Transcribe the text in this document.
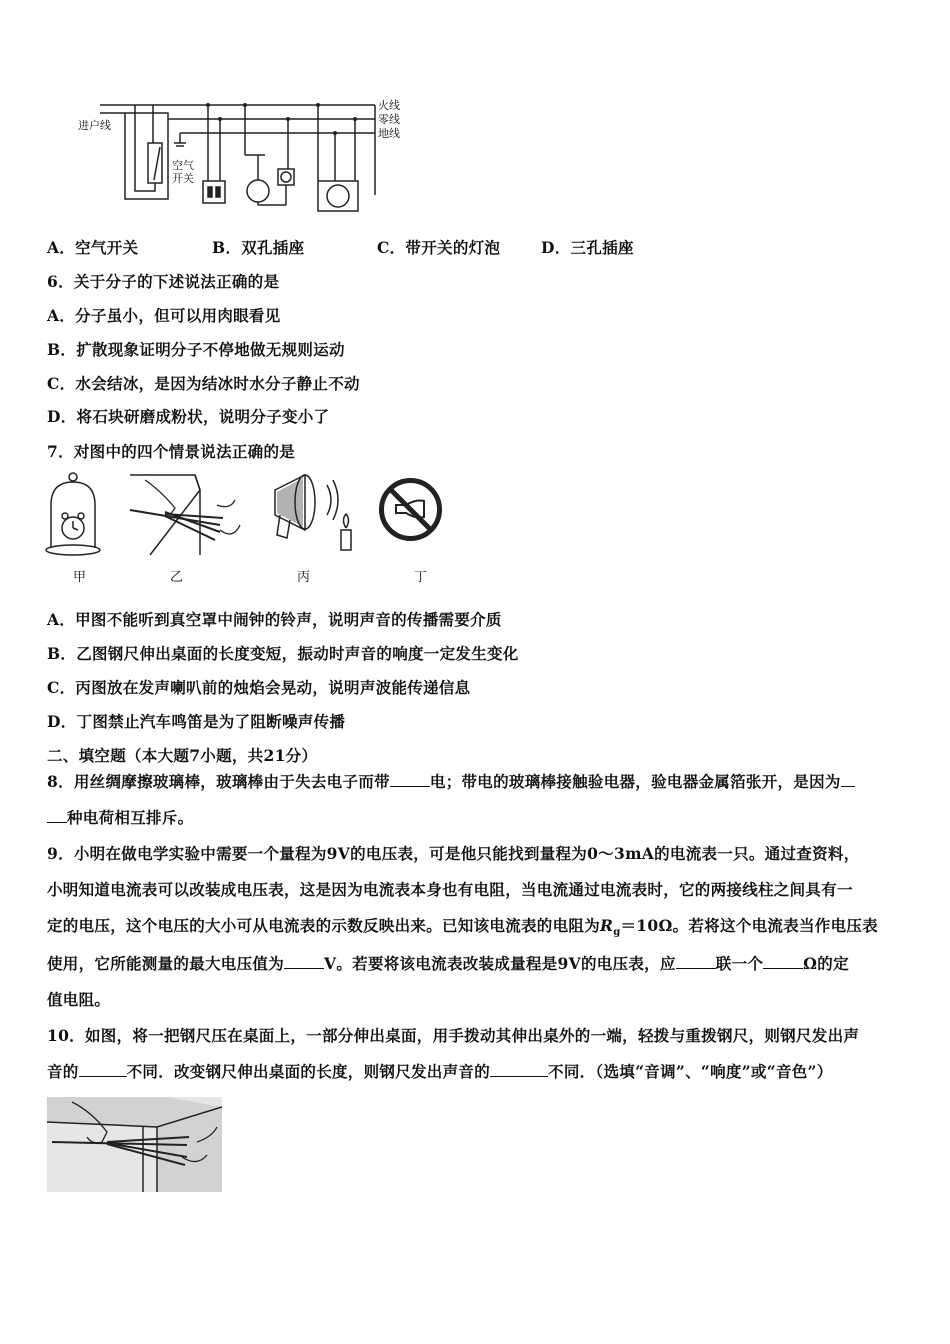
火线
零线
地线
进户线
空气
开关
A．空气开关	B．双孔插座	C．带开关的灯泡	D．三孔插座
6．关于分子的下述说法正确的是
A．分子虽小，但可以用肉眼看见
B．扩散现象证明分子不停地做无规则运动
C．水会结冰，是因为结冰时水分子静止不动
D．将石块研磨成粉状，说明分子变小了
7．对图中的四个情景说法正确的是
甲	乙	丙	丁
A．甲图不能听到真空罩中闹钟的铃声，说明声音的传播需要介质
B．乙图钢尺伸出桌面的长度变短，振动时声音的响度一定发生变化
C．丙图放在发声喇叭前的烛焰会晃动，说明声波能传递信息
D．丁图禁止汽车鸣笛是为了阻断噪声传播
二、填空题（本大题7小题，共21分）
8．用丝绸摩擦玻璃棒，玻璃棒由于失去电子而带	电；带电的玻璃棒接触验电器，验电器金属箔张开，是因为
种电荷相互排斥。
9．小明在做电学实验中需要一个量程为9V的电压表，可是他只能找到量程为0～3mA的电流表一只。通过查资料，
小明知道电流表可以改装成电压表，这是因为电流表本身也有电阻，当电流通过电流表时，它的两接线柱之间具有一
定的电压，这个电压的大小可从电流表的示数反映出来。已知该电流表的电阻为$R_g=10\Omega$。若将这个电流表当作电压表
使用，它所能测量的最大电压值为	V。若要将该电流表改装成量程是9V的电压表，应	联一个	Ω的定
值电阻。
10．如图，将一把钢尺压在桌面上，一部分伸出桌面，用手拨动其伸出桌外的一端，轻拨与重拨钢尺，则钢尺发出声
音的	不同．改变钢尺伸出桌面的长度，则钢尺发出声音的	不同．（选填“音调”、“响度”或“音色”）
